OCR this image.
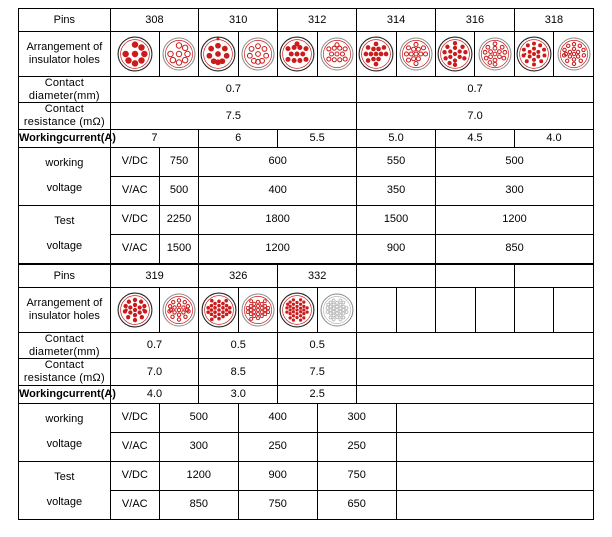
Pins	308		310		312		314		316		318	

Arrangement of
insulator holes

Contact diameter(mm)	0.7						0.7					
Contact resistance (mΩ)	7.5						7.0					
Workingcurrent(A)	7		6		5.5		5.0		4.5		4.0	

working
voltage	V/DC	750	600				550		500			
	V/AC	500	400				350		300			

Test
voltage	V/DC	2250	1800				1500		1200			
	V/AC	1500	1200				900		850			
Pins	319		326		332							

Arrangement of
insulator holes

Contact diameter(mm)	0.7		0.5		0.5							
Contact resistance (mΩ)	7.0		8.5		7.5							
Workingcurrent(A)	4.0		3.0		2.5							

working
voltage	V/DC	500		400		300						
	V/AC	300		250		250						

Test
voltage	V/DC	1200		900		750						
	V/AC	850		750		650						
